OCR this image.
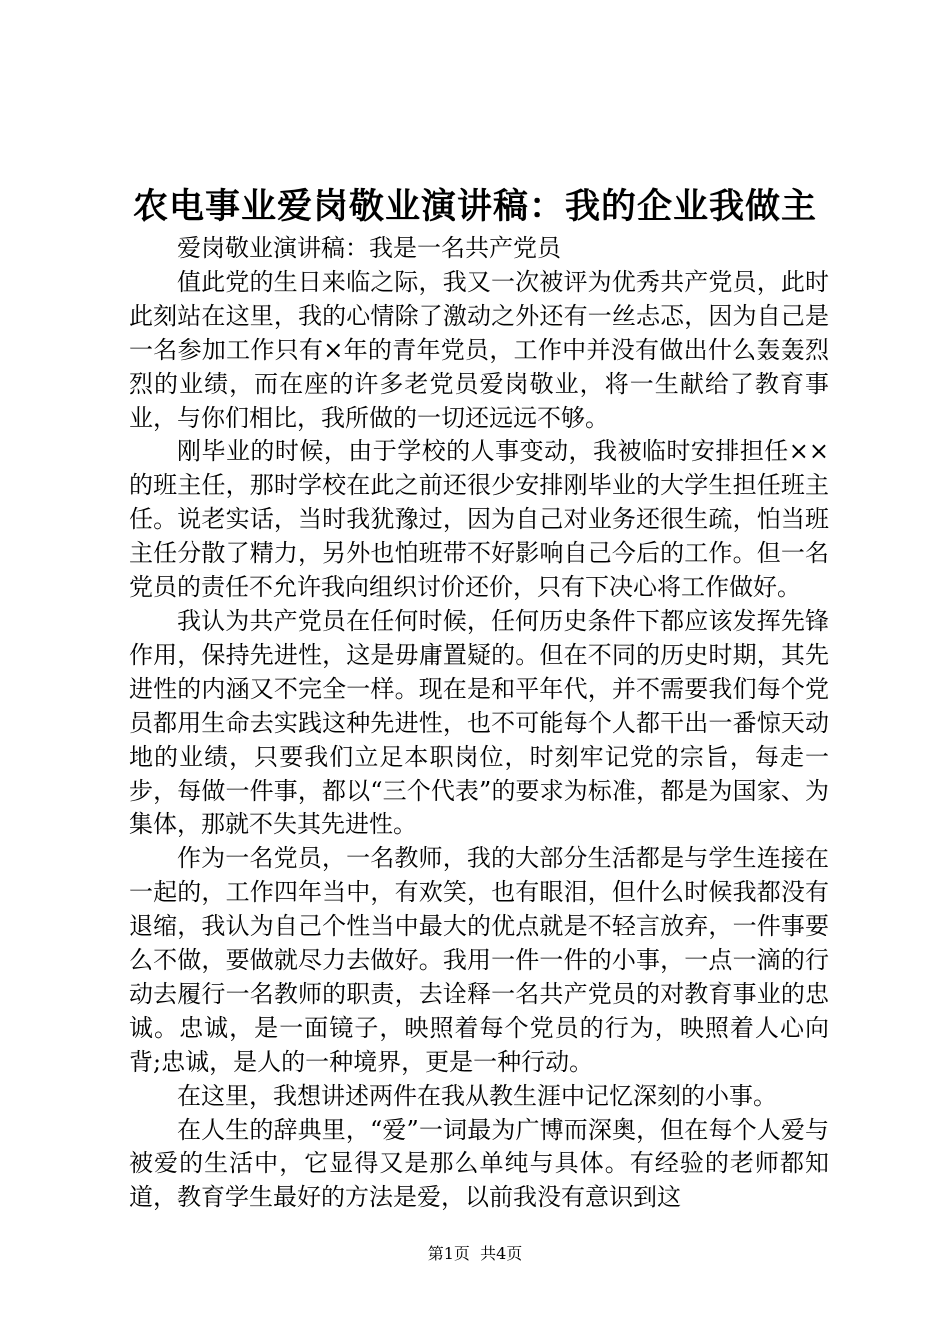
农电事业爱岗敬业演讲稿：我的企业我做主

爱岗敬业演讲稿：我是一名共产党员

值此党的生日来临之际，我又一次被评为优秀共产党员，此时此刻站在这里，我的心情除了激动之外还有一丝忐忑，因为自己是一名参加工作只有×年的青年党员，工作中并没有做出什么轰轰烈烈的业绩，而在座的许多老党员爱岗敬业，将一生献给了教育事业，与你们相比，我所做的一切还远远不够。

刚毕业的时候，由于学校的人事变动，我被临时安排担任××的班主任，那时学校在此之前还很少安排刚毕业的大学生担任班主任。说老实话，当时我犹豫过，因为自己对业务还很生疏，怕当班主任分散了精力，另外也怕班带不好影响自己今后的工作。但一名党员的责任不允许我向组织讨价还价，只有下决心将工作做好。

我认为共产党员在任何时候，任何历史条件下都应该发挥先锋作用，保持先进性，这是毋庸置疑的。但在不同的历史时期，其先进性的内涵又不完全一样。现在是和平年代，并不需要我们每个党员都用生命去实践这种先进性，也不可能每个人都干出一番惊天动地的业绩，只要我们立足本职岗位，时刻牢记党的宗旨，每走一步，每做一件事，都以“三个代表”的要求为标准，都是为国家、为集体，那就不失其先进性。

作为一名党员，一名教师，我的大部分生活都是与学生连接在一起的，工作四年当中，有欢笑，也有眼泪，但什么时候我都没有退缩，我认为自己个性当中最大的优点就是不轻言放弃，一件事要么不做，要做就尽力去做好。我用一件一件的小事，一点一滴的行动去履行一名教师的职责，去诠释一名共产党员的对教育事业的忠诚。忠诚，是一面镜子，映照着每个党员的行为，映照着人心向背;忠诚，是人的一种境界，更是一种行动。

在这里，我想讲述两件在我从教生涯中记忆深刻的小事。

在人生的辞典里，“爱”一词最为广博而深奥，但在每个人爱与被爱的生活中，它显得又是那么单纯与具体。有经验的老师都知道，教育学生最好的方法是爱，以前我没有意识到这

第1页 共4页
